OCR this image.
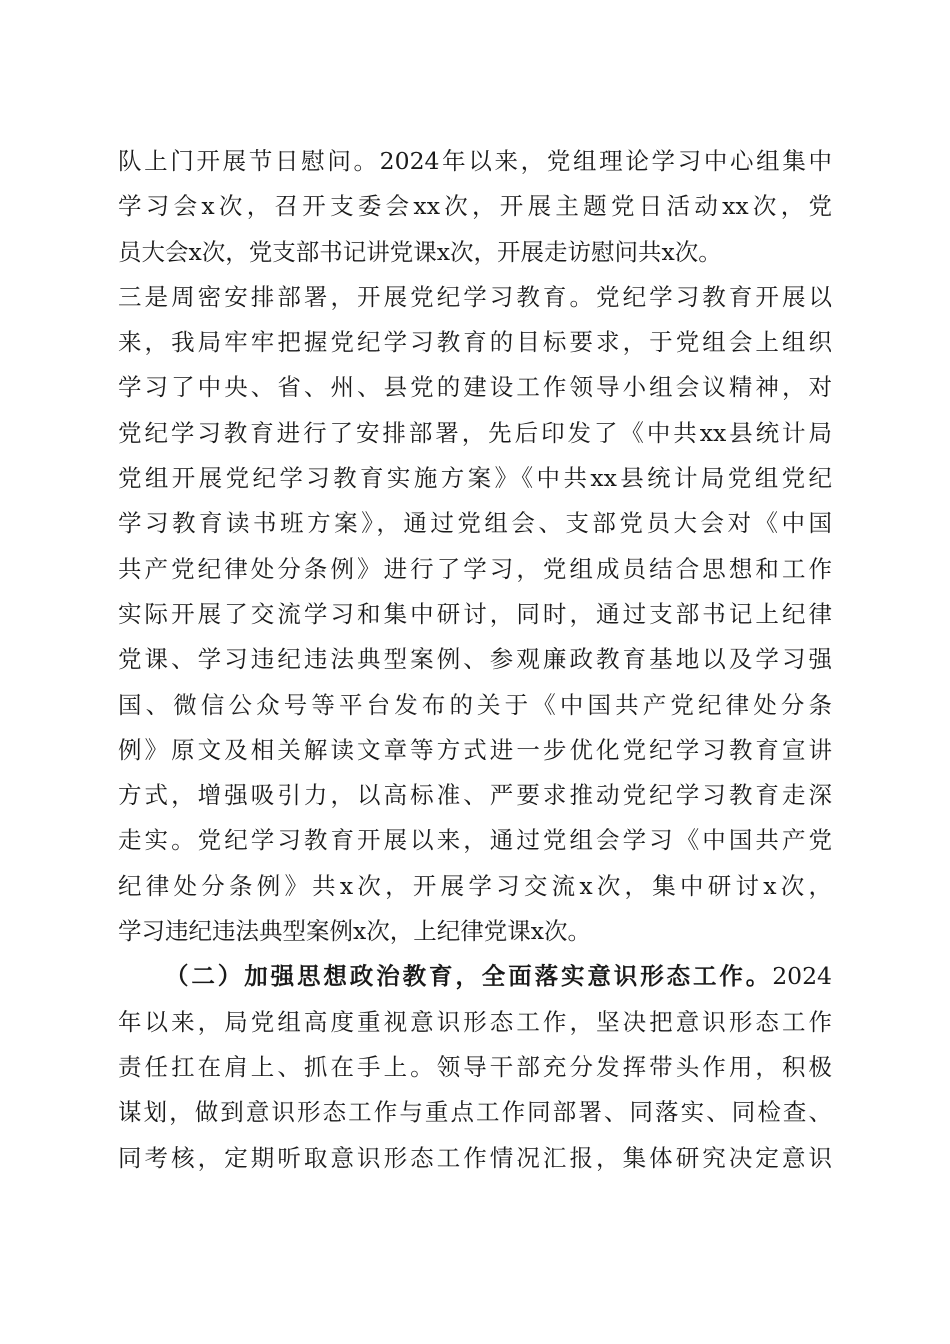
队上门开展节日慰问。2024年以来，党组理论学习中心组集中
学习会x次，召开支委会xx次，开展主题党日活动xx次，党
员大会x次，党支部书记讲党课x次，开展走访慰问共x次。
三是周密安排部署，开展党纪学习教育。党纪学习教育开展以
来，我局牢牢把握党纪学习教育的目标要求，于党组会上组织
学习了中央、省、州、县党的建设工作领导小组会议精神，对
党纪学习教育进行了安排部署，先后印发了《中共xx县统计局
党组开展党纪学习教育实施方案》《中共xx县统计局党组党纪
学习教育读书班方案》，通过党组会、支部党员大会对《中国
共产党纪律处分条例》进行了学习，党组成员结合思想和工作
实际开展了交流学习和集中研讨，同时，通过支部书记上纪律
党课、学习违纪违法典型案例、参观廉政教育基地以及学习强
国、微信公众号等平台发布的关于《中国共产党纪律处分条
例》原文及相关解读文章等方式进一步优化党纪学习教育宣讲
方式，增强吸引力，以高标准、严要求推动党纪学习教育走深
走实。党纪学习教育开展以来，通过党组会学习《中国共产党
纪律处分条例》共x次，开展学习交流x次，集中研讨x次，
学习违纪违法典型案例x次，上纪律党课x次。
（二）加强思想政治教育，全面落实意识形态工作。2024
年以来，局党组高度重视意识形态工作，坚决把意识形态工作
责任扛在肩上、抓在手上。领导干部充分发挥带头作用，积极
谋划，做到意识形态工作与重点工作同部署、同落实、同检查、
同考核，定期听取意识形态工作情况汇报，集体研究决定意识
